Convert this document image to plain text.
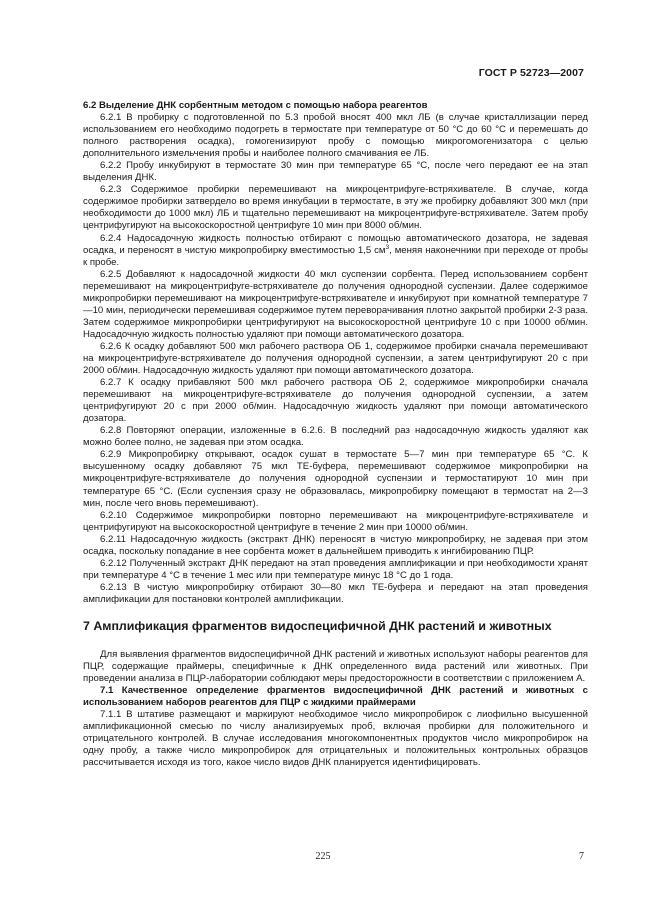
ГОСТ Р 52723—2007
6.2 Выделение ДНК сорбентным методом с помощью набора реагентов
6.2.1 В пробирку с подготовленной по 5.3 пробой вносят 400 мкл ЛБ (в случае кристаллизации перед использованием его необходимо подогреть в термостате при температуре от 50 °С до 60 °С и перемешать до полного растворения осадка), гомогенизируют пробу с помощью микрогомогенизатора с целью дополнительного измельчения пробы и наиболее полного смачивания ее ЛБ.
6.2.2 Пробу инкубируют в термостате 30 мин при температуре 65 °С, после чего передают ее на этап выделения ДНК.
6.2.3 Содержимое пробирки перемешивают на микроцентрифуге-встряхивателе. В случае, когда содержимое пробирки затвердело во время инкубации в термостате, в эту же пробирку добавляют 300 мкл (при необходимости до 1000 мкл) ЛБ и тщательно перемешивают на микроцентрифуге-встряхивателе. Затем пробу центрифугируют на высокоскоростной центрифуге 10 мин при 8000 об/мин.
6.2.4 Надосадочную жидкость полностью отбирают с помощью автоматического дозатора, не задевая осадка, и переносят в чистую микропробирку вместимостью 1,5 $см^3$, меняя наконечники при переходе от пробы к пробе.
6.2.5 Добавляют к надосадочной жидкости 40 мкл суспензии сорбента. Перед использованием сорбент перемешивают на микроцентрифуге-встряхивателе до получения однородной суспензии. Далее содержимое микропробирки перемешивают на микроцентрифуге-встряхивателе и инкубируют при комнатной температуре 7—10 мин, периодически перемешивая содержимое путем переворачивания плотно закрытой пробирки 2-3 раза. Затем содержимое микропробирки центрифугируют на высокоскоростной центрифуге 10 с при 10000 об/мин. Надосадочную жидкость полностью удаляют при помощи автоматического дозатора.
6.2.6 К осадку добавляют 500 мкл рабочего раствора ОБ 1, содержимое пробирки сначала перемешивают на микроцентрифуге-встряхивателе до получения однородной суспензии, а затем центрифугируют 20 с при 2000 об/мин. Надосадочную жидкость удаляют при помощи автоматического дозатора.
6.2.7 К осадку прибавляют 500 мкл рабочего раствора ОБ 2, содержимое микропробирки сначала перемешивают на микроцентрифуге-встряхивателе до получения однородной суспензии, а затем центрифугируют 20 с при 2000 об/мин. Надосадочную жидкость удаляют при помощи автоматического дозатора.
6.2.8 Повторяют операции, изложенные в 6.2.6. В последний раз надосадочную жидкость удаляют как можно более полно, не задевая при этом осадка.
6.2.9 Микропробирку открывают, осадок сушат в термостате 5—7 мин при температуре 65 °С. К высушенному осадку добавляют 75 мкл ТЕ-буфера, перемешивают содержимое микропробирки на микроцентрифуге-встряхивателе до получения однородной суспензии и термостатируют 10 мин при температуре 65 °С. (Если суспензия сразу не образовалась, микропробирку помещают в термостат на 2—3 мин, после чего вновь перемешивают).
6.2.10 Содержимое микропробирки повторно перемешивают на микроцентрифуге-встряхивателе и центрифугируют на высокоскоростной центрифуге в течение 2 мин при 10000 об/мин.
6.2.11 Надосадочную жидкость (экстракт ДНК) переносят в чистую микропробирку, не задевая при этом осадка, поскольку попадание в нее сорбента может в дальнейшем приводить к ингибированию ПЦР.
6.2.12 Полученный экстракт ДНК передают на этап проведения амплификации и при необходимости хранят при температуре 4 °С в течение 1 мес или при температуре минус 18 °С до 1 года.
6.2.13 В чистую микропробирку отбирают 30—80 мкл ТЕ-буфера и передают на этап проведения амплификации для постановки контролей амплификации.
7 Амплификация фрагментов видоспецифичной ДНК растений и животных
Для выявления фрагментов видоспецифичной ДНК растений и животных используют наборы реагентов для ПЦР, содержащие праймеры, специфичные к ДНК определенного вида растений или животных. При проведении анализа в ПЦР-лаборатории соблюдают меры предосторожности в соответствии с приложением А.
7.1 Качественное определение фрагментов видоспецифичной ДНК растений и животных с использованием наборов реагентов для ПЦР с жидкими праймерами
7.1.1 В штативе размещают и маркируют необходимое число микропробирок с лиофильно высушенной амплификационной смесью по числу анализируемых проб, включая пробирки для положительного и отрицательного контролей. В случае исследования многокомпонентных продуктов число микропробирок на одну пробу, а также число микропробирок для отрицательных и положительных контрольных образцов рассчитывается исходя из того, какое число видов ДНК планируется идентифицировать.
225	7
